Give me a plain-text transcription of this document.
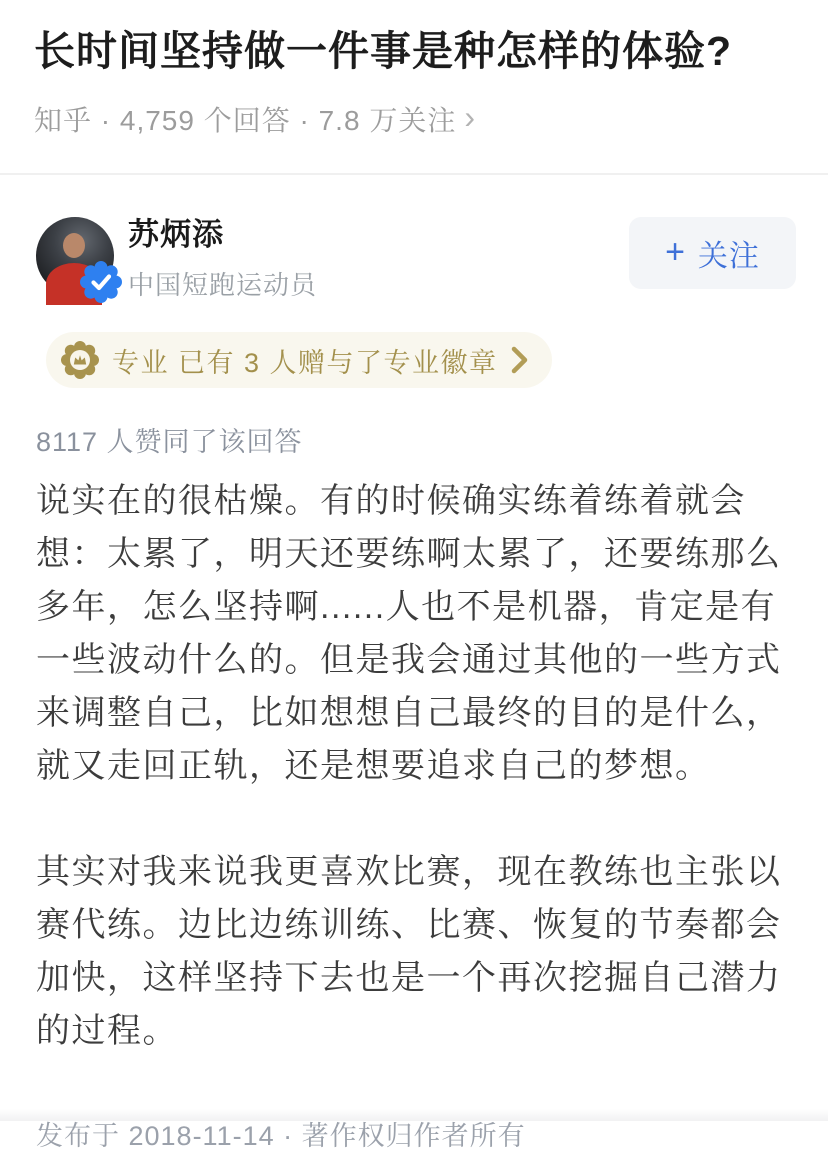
长时间坚持做一件事是种怎样的体验?
知乎 · 4,759 个回答 · 7.8 万关注 ›
苏炳添
中国短跑运动员
+ 关注
专业 已有 3 人赠与了专业徽章
8117 人赞同了该回答

说实在的很枯燥。有的时候确实练着练着就会想：太累了，明天还要练啊太累了，还要练那么多年，怎么坚持啊......人也不是机器，肯定是有一些波动什么的。但是我会通过其他的一些方式来调整自己，比如想想自己最终的目的是什么，就又走回正轨，还是想要追求自己的梦想。

其实对我来说我更喜欢比赛，现在教练也主张以赛代练。边比边练训练、比赛、恢复的节奏都会加快，这样坚持下去也是一个再次挖掘自己潜力的过程。

发布于 2018-11-14 · 著作权归作者所有
